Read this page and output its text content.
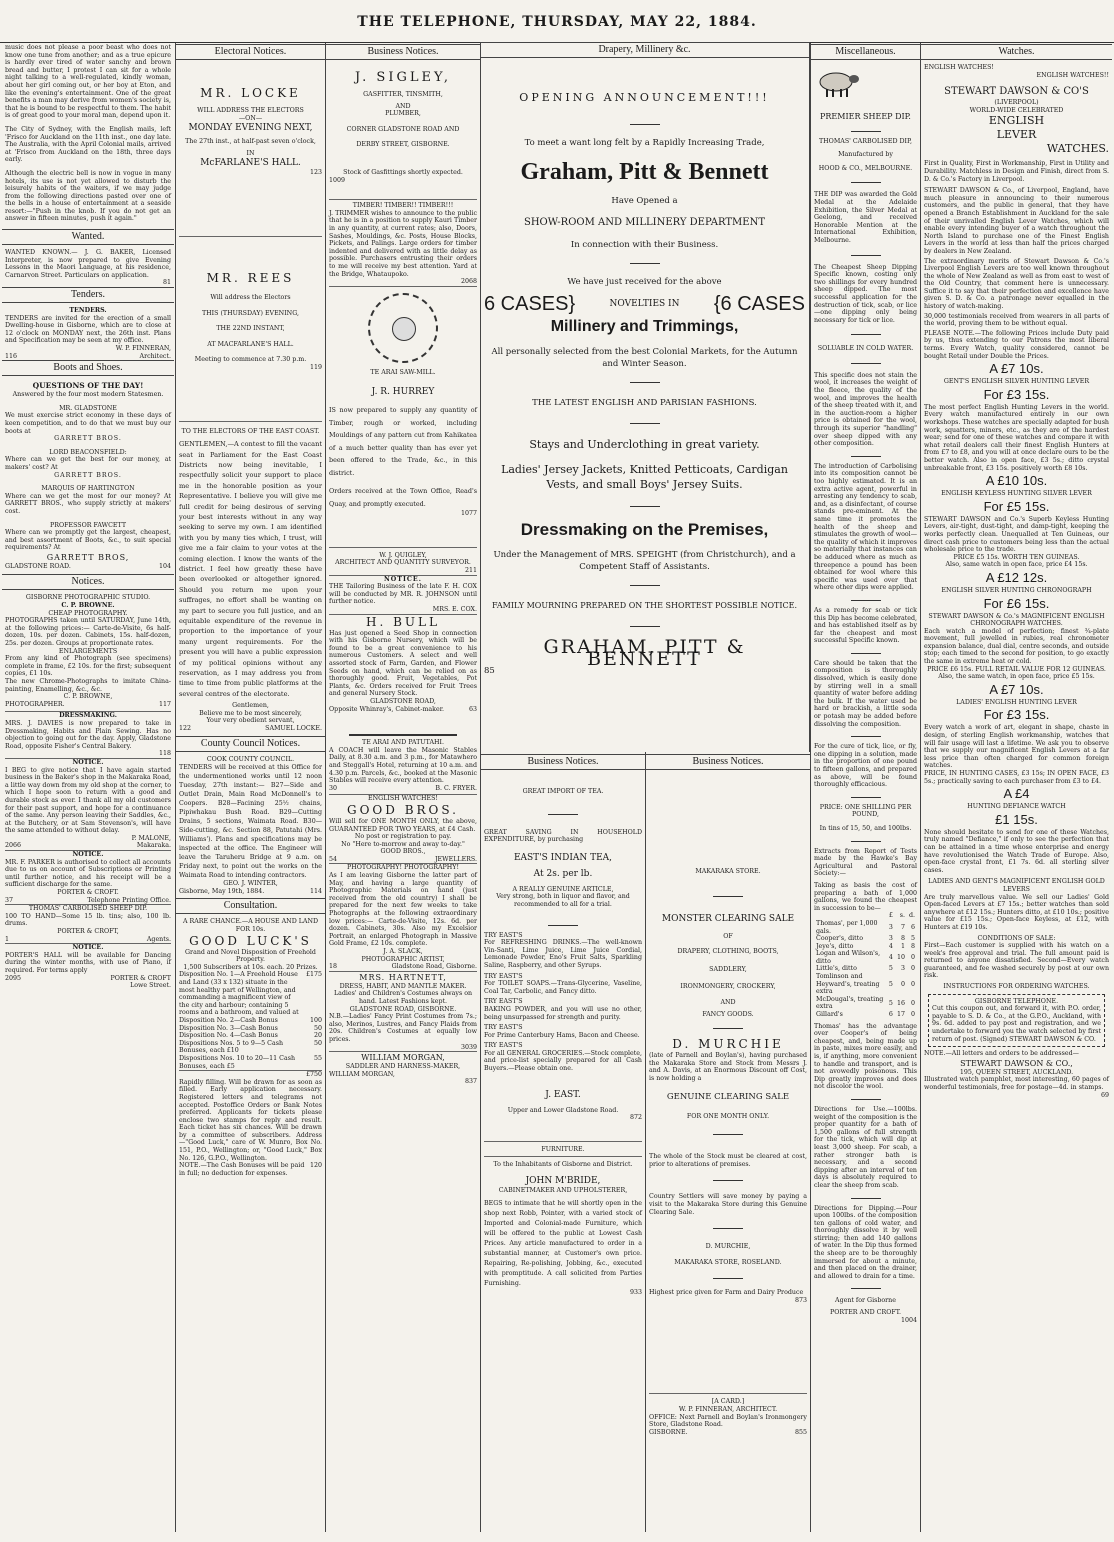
THE TELEPHONE, THURSDAY, MAY 22, 1884.

music does not please a poor beast who does not know one tune from another; and as a true epicure is hardly ever tired of water sanchy and brown bread and butter, I protest I can sit for a whole night talking to a well-regulated, kindly woman, about her girl coming out, or her boy at Eton, and like the evening's entertainment. One of the great benefits a man may derive from women's society is, that he is bound to be respectful to them. The habit is of great good to your moral man, depend upon it.

The City of Sydney, with the English mails, left 'Frisco for Auckland on the 11th inst., one day late. The Australia, with the April Colonial mails, arrived at 'Frisco from Auckland on the 18th, three days early.

Although the electric bell is now in vogue in many hotels, its use is not yet allowed to disturb the leisurely habits of the waiters, if we may judge from the following directions pasted over one of the bells in a house of entertainment at a seaside resort:—"Push in the knob. If you do not get an answer in fifteen minutes, push it again."

Wanted.

WANTED KNOWN.— J. G. BAKER, Licensed Interpreter, is now prepared to give Evening Lessons in the Maori Language, at his residence, Carnarvon Street. Particulars on application.

81

Tenders.

TENDERS.

TENDERS are invited for the erection of a small Dwelling-house in Gisborne, which are to close at 12 o'clock on MONDAY next, the 26th inst. Plans and Specification may be seen at my office.

W. P. FINNERAN,

116	Architect.

Boots and Shoes.

QUESTIONS OF THE DAY!

Answered by the four most modern Statesmen.

MR. GLADSTONE

We must exercise strict economy in these days of keen competition, and to do that we must buy our boots at

GARRETT BROS.

LORD BEACONSFIELD:

Where can we get the best for our money, at makers' cost? At

GARRETT BROS.

MARQUIS OF HARTINGTON

Where can we get the most for our money? At GARRETT BROS., who supply strictly at makers' cost.

PROFESSOR FAWCETT

Where can we promptly get the largest, cheapest, and best assortment of Boots, &c., to suit special requirements? At

GARRETT BROS,

GLADSTONE ROAD.	104

Notices.

GISBORNE PHOTOGRAPHIC STUDIO.

C. P. BROWNE.

CHEAP PHOTOGRAPHY.

PHOTOGRAPHS taken until SATURDAY, June 14th, at the following prices:— Carte-de-Visite, 6s half-dozen, 10s. per dozen. Cabinets, 15s. half-dozen, 25s. per dozen. Groups at proportionate rates.

ENLARGEMENTS

From any kind of Photograph (see specimens) complete in frame, £2 10s. for the first; subsequent copies, £1 10s.

The new Chrome-Photographs to imitate China-painting, Enamelling, &c., &c.

C. P. BROWNE,

PHOTOGRAPHER.	117

DRESSMAKING.

MRS. J. DAVIES is now prepared to take in Dressmaking, Habits and Plain Sewing. Has no objection to going out for the day. Apply, Gladstone Road, opposite Fisher's Central Bakery.

118

NOTICE.

I BEG to give notice that I have again started business in the Baker's shop in the Makaraka Road, a little way down from my old shop at the corner, to which I hope soon to return with a good and durable stock as ever. I thank all my old customers for their past support, and hope for a continuance of the same. Any person leaving their Saddles, &c., at the Butchery, or at Sam Stevenson's, will have the same attended to without delay.

P. MALONE,

2066	Makaraka.

NOTICE.

MR. F. PARKER is authorised to collect all accounts due to us on account of Subscriptions or Printing until further notice, and his receipt will be a sufficient discharge for the same.

PORTER & CROFT.

37	Telephone Printing Office.

THOMAS' CARBOLISED SHEEP DIP.

100 TO HAND—Some 15 lb. tins; also, 100 lb. drums.

PORTER & CROFT,

1	Agents.

NOTICE.

PORTER'S HALL will be available for Dancing during the winter months, with use of Piano, if required. For terms apply

2095	PORTER & CROFT

Lowe Street.

Electoral Notices.

MR. LOCKE

WILL ADDRESS THE ELECTORS

—ON—

MONDAY EVENING NEXT,

The 27th inst., at half-past seven o'clock,

IN

McFARLANE'S HALL.

123

MR. REES

Will address the Electors

THIS (THURSDAY) EVENING,

THE 22ND INSTANT,

AT MACFARLANE'S HALL.

Meeting to commence at 7.30 p.m.

119

TO THE ELECTORS OF THE EAST COAST.

GENTLEMEN,—A contest to fill the vacant seat in Parliament for the East Coast Districts now being inevitable, I respectfully solicit your support to place me in the honorable position as your Representative. I believe you will give me full credit for being desirous of serving your best interests without in any way seeking to serve my own. I am identified with you by many ties which, I trust, will give me a fair claim to your votes at the coming election. I know the wants of the district. I feel how greatly these have been overlooked or altogether ignored. Should you return me upon your suffrages, no effort shall be wanting on my part to secure you full justice, and an equitable expenditure of the revenue in proportion to the importance of your many urgent requirements. For the present you will have a public expression of my political opinions without any reservation, as I may address you from time to time from public platforms at the several centres of the electorate.

Gentlemen,

Believe me to be most sincerely,

Your very obedient servant,

122	SAMUEL LOCKE.

County Council Notices.

COOK COUNTY COUNCIL.

TENDERS will be received at this Office for the undermentioned works until 12 noon Tuesday, 27th instant:— B27—Side and Outlet Drain, Main Road McDonnell's to Coopers. B28—Facining 25½ chains, Pipiwhakau Bush Road. B29—Cutting Drains, 5 sections, Waimata Road. B30—Side-cutting, &c. Section 88, Patutahi (Mrs. Williams'). Plans and specifications may be inspected at the office. The Engineer will leave the Taruheru Bridge at 9 a.m. on Friday next, to point out the works on the Waimata Road to intending contractors.

GEO. J. WINTER,

Gisborne, May 19th, 1884.	114

Consultation.

A RARE CHANCE.—A HOUSE AND LAND FOR 10s.

GOOD LUCK'S

Grand and Novel Disposition of Freehold Property.

1,500 Subscribers at 10s. each. 20 Prizes.

Disposition No. 1—A Freehold House and Land (33 x 132) situate in the most healthy part of Wellington, and commanding a magnificent view of the city and harbour; containing 5 rooms and a bathroom, and valued at
£175
Disposition No. 2—Cash Bonus	100
Disposition No. 3—Cash Bonus	50
Disposition No. 4—Cash Bonus	20
Dispositions Nos. 5 to 9—5 Cash Bonuses, each £10
50
Dispositions Nos. 10 to 20—11 Cash Bonuses, each £5
55

£750

Rapidly filling. Will be drawn for as soon as filled. Early application necessary. Registered letters and telegrams not accepted. Postoffice Orders or Bank Notes preferred. Applicants for tickets please enclose two stamps for reply and result. Each ticket has six chances. Will be drawn by a committee of subscribers. Address—"Good Luck," care of W. Munro, Box No. 151, P.O., Wellington; or, "Good Luck," Box No. 126, G.P.O., Wellington.

NOTE.—The Cash Bonuses will be paid in full; no deduction for expenses.
120

Business Notices.

J. SIGLEY,

GASFITTER, TINSMITH,

AND

PLUMBER,

CORNER GLADSTONE ROAD AND

DERBY STREET, GISBORNE.

Stock of Gasfittings shortly expected.

1009

TIMBER! TIMBER!! TIMBER!!!

J. TRIMMER wishes to announce to the public that he is in a position to supply Kauri Timber in any quantity, at current rates; also, Doors, Sashes, Mouldings, &c. Posts, House Blocks, Pickets, and Palings. Large orders for timber indented and delivered with as little delay as possible. Purchasers entrusting their orders to me will receive my best attention. Yard at the Bridge, Whataupoko.

2068

TE ARAI SAW-MILL.

J. R. HURREY

IS now prepared to supply any quantity of Timber, rough or worked, including Mouldings of any pattern cut from Kahikatea of a much better quality than has ever yet been offered to the Trade, &c., in this district.

Orders received at the Town Office, Read's Quay, and promptly executed.

1077

W. J. QUIGLEY,

ARCHITECT AND QUANTITY SURVEYOR.

211

NOTICE.

THE Tailoring Business of the late F. H. COX will be conducted by MR. R. JOHNSON until further notice.

MRS. E. COX.

H. BULL

Has just opened a Seed Shop in connection with his Gisborne Nursery, which will be found to be a great convenience to his numerous Customers. A select and well assorted stock of Farm, Garden, and Flower Seeds on hand, which can be relied on as thoroughly good. Fruit, Vegetables, Pot Plants, &c. Orders received for Fruit Trees and general Nursery Stock.

GLADSTONE ROAD,

Opposite Whinray's, Cabinet-maker.	63

TE ARAI AND PATUTAHI.

A COACH will leave the Masonic Stables Daily, at 8.30 a.m. and 3 p.m., for Matawhero and Steggall's Hotel, returning at 10 a.m. and 4.30 p.m. Parcels, &c., booked at the Masonic Stables will receive every attention.

30	B. C. FRYER.

ENGLISH WATCHES!

GOOD BROS.

Will sell for ONE MONTH ONLY, the above, GUARANTEED FOR TWO YEARS, at £4 Cash.

No post or registration to pay.

No "Here to-morrow and away to-day."

GOOD BROS.,

54	JEWELLERS.

PHOTOGRAPHY! PHOTOGRAPHY!

As I am leaving Gisborne the latter part of May, and having a large quantity of Photographic Materials on hand (just received from the old country) I shall be prepared for the next few weeks to take Photographs at the following extraordinary low prices:— Carte-de-Visite, 12s. 6d. per dozen. Cabinets, 30s. Also my Excelsior Portrait, an enlarged Photograph in Massive Gold Frame, £2 10s. complete.

J. A. SLACK,

PHOTOGRAPHIC ARTIST,

18	Gladstone Road, Gisborne.

MRS. HARTNETT,

DRESS, HABIT, AND MANTLE MAKER.

Ladies' and Children's Costumes always on hand. Latest Fashions kept.

GLADSTONE ROAD, GISBORNE.

N.B.—Ladies' Fancy Print Costumes from 7s.; also, Merinos, Lustres, and Fancy Plaids from 20s. Children's Costumes at equally low prices.

3039

WILLIAM MORGAN,

SADDLER AND HARNESS-MAKER,

WILLIAM MORGAN,

837

Drapery, Millinery &c.

OPENING ANNOUNCEMENT!!!

To meet a want long felt by a Rapidly Increasing Trade,

Graham, Pitt & Bennett

Have Opened a

SHOW-ROOM AND MILLINERY DEPARTMENT

In connection with their Business.

We have just received for the above

6 CASES}	NOVELTIES IN {6 CASES

Millinery and Trimmings,

All personally selected from the best Colonial Markets, for the Autumn and Winter Season.

THE LATEST ENGLISH AND PARISIAN FASHIONS.

Stays and Underclothing in great variety.

Ladies' Jersey Jackets, Knitted Petticoats, Cardigan Vests, and small Boys' Jersey Suits.

Dressmaking on the Premises,

Under the Management of MRS. SPEIGHT (from Christchurch), and a Competent Staff of Assistants.

FAMILY MOURNING PREPARED ON THE SHORTEST POSSIBLE NOTICE.

GRAHAM, PITT & BENNETT

85

Business Notices.

GREAT IMPORT OF TEA.

GREAT SAVING IN HOUSEHOLD EXPENDITURE, by purchasing

EAST'S INDIAN TEA,

At 2s. per lb.

A REALLY GENUINE ARTICLE,

Very strong, both in liquor and flavor, and recommended to all for a trial.

TRY EAST'S

For REFRESHING DRINKS.—The well-known Vin-Santi, Lime Juice, Lime Juice Cordial, Lemonade Powder, Eno's Fruit Salts, Sparkling Saline, Raspberry, and other Syrups.

TRY EAST'S

For TOILET SOAPS.—Trans-Glycerine, Vaseline, Coal Tar, Carbolic, and Fancy ditto.

TRY EAST'S

BAKING POWDER, and you will use no other, being unsurpassed for strength and purity.

TRY EAST'S

For Prime Canterbury Hams, Bacon and Cheese.

TRY EAST'S

For all GENERAL GROCERIES.—Stock complete, and price-list specially prepared for all Cash Buyers.—Please obtain one.

J. EAST.

Upper and Lower Gladstone Road.

872

FURNITURE.

To the Inhabitants of Gisborne and District.

JOHN M'BRIDE,

CABINETMAKER AND UPHOLSTERER,

BEGS to intimate that he will shortly open in the shop next Robb, Pointer, with a varied stock of Imported and Colonial-made Furniture, which will be offered to the public at Lowest Cash Prices. Any article manufactured to order in a substantial manner, at Customer's own price. Repairing, Re-polishing, Jobbing, &c., executed with promptitude. A call solicited from Parties Furnishing.

933

Business Notices.

MAKARAKA STORE.

MONSTER CLEARING SALE

OF

DRAPERY, CLOTHING, BOOTS,

SADDLERY,

IRONMONGERY, CROCKERY,

AND

FANCY GOODS.

D. MURCHIE

(late of Parnell and Boylan's), having purchased the Makaraka Store and Stock from Messrs J. and A. Davis, at an Enormous Discount off Cost, is now holding a

GENUINE CLEARING SALE

FOR ONE MONTH ONLY.

The whole of the Stock must be cleared at cost, prior to alterations of premises.

Country Settlers will save money by paying a visit to the Makaraka Store during this Genuine Clearing Sale.

D. MURCHIE,

MAKARAKA STORE, ROSELAND.

Highest price given for Farm and Dairy Produce

873

[A CARD.]

W. P. FINNERAN, ARCHITECT.

OFFICE: Next Parnell and Boylan's Ironmongery Store, Gladstone Road.

GISBORNE.	855

Miscellaneous.

PREMIER SHEEP DIP.

THOMAS' CARBOLISED DIP,

Manufactured by

HOOD & CO., MELBOURNE.

THE DIP was awarded the Gold Medal at the Adelaide Exhibition, the Silver Medal at Geelong, and received Honorable Mention at the International Exhibition, Melbourne.

The Cheapest Sheep Dipping Specific known, costing only two shillings for every hundred sheep dipped. The most successful application for the destruction of tick, scab, or lice—one dipping only being necessary for tick or lice.

SOLUABLE IN COLD WATER.

This specific does not stain the wool, it increases the weight of the fleece, the quality of the wool, and improves the health of the sheep treated with it, and in the auction-room a higher price is obtained for the wool, through its superior "handling" over sheep dipped with any other composition.

The introduction of Carbolising into its composition cannot be too highly estimated. It is an extra active agent, powerful in arresting any tendency to scab, and, as a disinfectant, of course stands pre-eminent. At the same time it promotes the health of the sheep and stimulates the growth of wool—the quality of which it improves so materially that instances can be adduced where as much as threepence a pound has been obtained for wool where this specific was used over that where other dips were applied.

As a remedy for scab or tick this Dip has become celebrated, and has established itself as by far the cheapest and most successful Specific known.

Care should be taken that the composition is thoroughly dissolved, which is easily done by stirring well in a small quantity of water before adding the bulk. If the water used be hard or brackish, a little soda or potash may be added before dissolving the composition.

For the cure of tick, lice, or fly, one dipping in a solution, made in the proportion of one pound to fifteen gallons, and prepared as above, will be found thoroughly efficacious.

PRICE: ONE SHILLING PER POUND,

In tins of 15, 50, and 100lbs.

Extracts from Report of Tests made by the Hawke's Bay Agricultural and Pastoral Society:—

Taking as basis the cost of preparing a bath of 1,000 gallons, we found the cheapest in succession to be—

	£	s.	d.
Thomas', per 1,000 gals.	3	7	6
Cooper's, ditto	3	8	5
Jeye's, ditto	4	1	8
Logan and Wilson's, ditto	4	10	0
Little's, ditto	5	3	0
Tomlinson and Heyward's, treating extra	5	0	0
McDougal's, treating extra	5	16	0
Gillard's	6	17	0

Thomas' has the advantage over Cooper's of being cheapest, and, being made up in paste, mixes more easily, and is, if anything, more convenient to handle and transport, and is not avowedly poisonous. This Dip greatly improves and does not discolor the wool.

Directions for Use.—100lbs. weight of the composition is the proper quantity for a bath of 1,500 gallons of full strength for the tick, which will dip at least 3,000 sheep. For scab, a rather stronger bath is necessary, and a second dipping after an interval of ten days is absolutely required to clear the sheep from scab.

Directions for Dipping.—Pour upon 100lbs. of the composition ten gallons of cold water, and thoroughly dissolve it by well stirring; then add 140 gallons of water. In the Dip thus formed the sheep are to be thoroughly immersed for about a minute, and then placed on the drainer, and allowed to drain for a time.

Agent for Gisborne

PORTER AND CROFT.

1004

Watches.

ENGLISH WATCHES!

ENGLISH WATCHES!!

STEWART DAWSON & CO'S

(LIVERPOOL)

WORLD-WIDE CELEBRATED

ENGLISH

LEVER

WATCHES.

First in Quality, First in Workmanship, First in Utility and Durability. Matchless in Design and Finish, direct from S. D. & Co.'s Factory in Liverpool.

STEWART DAWSON & Co., of Liverpool, England, have much pleasure in announcing to their numerous customers, and the public in general, that they have opened a Branch Establishment in Auckland for the sale of their unrivalled English Lever Watches, which will enable every intending buyer of a watch throughout the North Island to purchase one of the Finest English Levers in the world at less than half the prices charged by dealers in New Zealand.

The extraordinary merits of Stewart Dawson & Co.'s Liverpool English Levers are too well known throughout the whole of New Zealand as well as from east to west of the Old Country, that comment here is unnecessary. Suffice it to say that their perfection and excellence have given S. D. & Co. a patronage never equalled in the history of watch-making.

30,000 testimonials received from wearers in all parts of the world, proving them to be without equal.

PLEASE NOTE.—The following Prices include Duty paid by us, thus extending to our Patrons the most liberal terms. Every Watch, quality considered, cannot be bought Retail under Double the Prices.

A £7 10s.

GENT'S ENGLISH SILVER HUNTING LEVER

For £3 15s.

The most perfect English Hunting Levers in the world. Every watch manufactured entirely in our own workshops. These watches are specially adapted for bush work, squatters, miners, etc., as they are of the hardest wear; send for one of these watches and compare it with what retail dealers call their finest English Hunters at from £7 to £8, and you will at once declare ours to be the better watch. Also in open face, £3 5s.; ditto crystal unbreakable front, £3 15s. positively worth £8 10s.

A £10 10s.

ENGLISH KEYLESS HUNTING SILVER LEVER

For £5 15s.

STEWART DAWSON and Co.'s Superb Keyless Hunting Levers, air-tight, dust-tight, and damp-tight, keeping the works perfectly clean. Unequalled at Ten Guineas, our direct cash price to customers being less than the actual wholesale price to the trade.

PRICE £5 15s. WORTH TEN GUINEAS.

Also, same watch in open face, price £4 15s.

A £12 12s.

ENGLISH SILVER HUNTING CHRONOGRAPH

For £6 15s.

STEWART DAWSON & Co.'s MAGNIFICENT ENGLISH CHRONOGRAPH WATCHES.

Each watch a model of perfection; finest ¾-plate movement, full jewelled in rubies, real chronometer expansion balance, dual dial, centre seconds, and outside stop; each timed to the second for position, to go exactly the same in extreme heat or cold.

PRICE £6 15s. FULL RETAIL VALUE FOR 12 GUINEAS.

Also, the same watch, in open face, price £5 15s.

A £7 10s.

LADIES' ENGLISH HUNTING LEVER

For £3 15s.

Every watch a work of art, elegant in shape, chaste in design, of sterling English workmanship, watches that will fair usage will last a lifetime. We ask you to observe that we supply our magnificent English Levers at a far less price than often charged for common foreign watches.

PRICE, IN HUNTING CASES, £3 15s; IN OPEN FACE, £3 5s.; practically saving to each purchaser from £3 to £4.

A £4

HUNTING DEFIANCE WATCH

£1 15s.

None should hesitate to send for one of these Watches, truly named "Defiance," if only to see the perfection that can be attained in a time whose enterprise and energy have revolutionised the Watch Trade of Europe. Also, open-face crystal front, £1 7s. 6d. all sterling silver cases.

LADIES AND GENT'S MAGNIFICENT ENGLISH GOLD LEVERS

Are truly marvellous value. We sell our Ladies' Gold Open-faced Levers at £7 15s.; better watches than sold anywhere at £12 15s.; Hunters ditto, at £10 10s.; positive value for £15 15s.; Open-face Keyless, at £12, with Hunters at £19 10s.

CONDITIONS OF SALE:

First—Each customer is supplied with his watch on a week's free approval and trial. The full amount paid is returned to anyone dissatisfied. Second—Every watch guaranteed, and fee washed securely by post at our own risk.

INSTRUCTIONS FOR ORDERING WATCHES.

GISBORNE TELEPHONE.

Cut this coupon out, and forward it, with P.O. order, payable to S. D. & Co., at the G.P.O., Auckland, with 9s. 6d. added to pay post and registration, and we undertake to forward you the watch selected by first return of post. (Signed) STEWART DAWSON & CO.

NOTE.—All letters and orders to be addressed—

STEWART DAWSON & CO.,

195, QUEEN STREET, AUCKLAND.

Illustrated watch pamphlet, most interesting, 60 pages of wonderful testimonials, free for postage—4d. in stamps.

69
